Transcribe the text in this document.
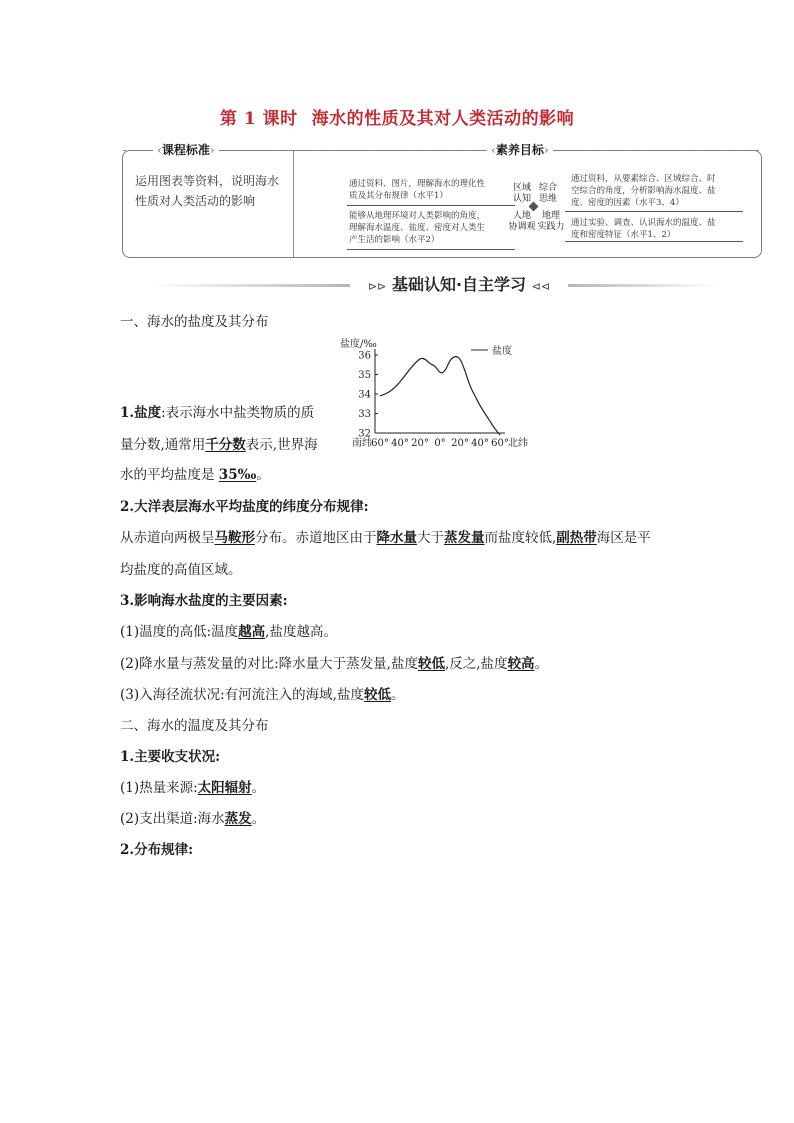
第 1 课时 海水的性质及其对人类活动的影响
‹课程标准›	‹素养目标›
运用图表等资料，说明海水
性质对人类活动的影响
通过资料、图片，理解海水的理化性
质及其分布规律（水平1）
能够从地理环境对人类影响的角度，
理解海水温度、盐度、密度对人类生
产生活的影响（水平2）
区域
认知
综合
思维
人地
协调观
地理
实践力
通过资料，从要素综合、区域综合、时
空综合的角度，分析影响海水温度、盐
度、密度的因素（水平3、4）
通过实验、调查、认识海水的温度、盐
度和密度特征（水平1、2）
⊳⊳ 基础认知·自主学习 ⊲⊲
一、海水的盐度及其分布
盐度/‰
32
33
34
35
36
60° 40° 20° 0° 20° 40° 60°
盐度
南纬	北纬
1.盐度:表示海水中盐类物质的质
量分数,通常用千分数表示,世界海
水的平均盐度是 35‰。
2.大洋表层海水平均盐度的纬度分布规律:
从赤道向两极呈马鞍形分布。赤道地区由于降水量大于蒸发量而盐度较低,副热带海区是平
均盐度的高值区域。
3.影响海水盐度的主要因素:
(1)温度的高低:温度越高,盐度越高。
(2)降水量与蒸发量的对比:降水量大于蒸发量,盐度较低,反之,盐度较高。
(3)入海径流状况:有河流注入的海域,盐度较低。
二、海水的温度及其分布
1.主要收支状况:
(1)热量来源:太阳辐射。
(2)支出渠道:海水蒸发。
2.分布规律:
